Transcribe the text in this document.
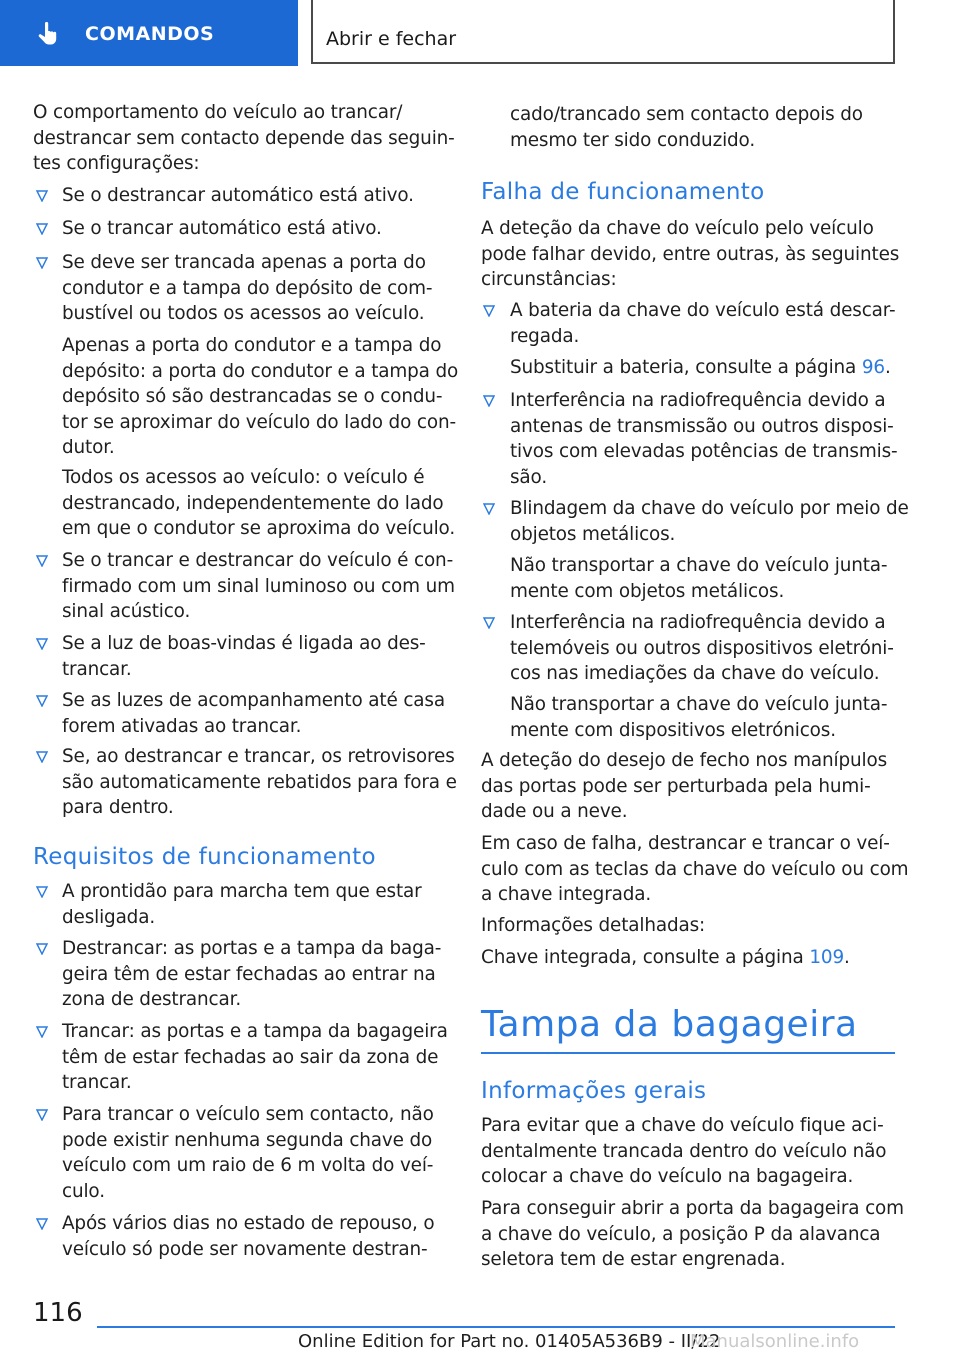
COMANDOS	Abrir e fechar
O comportamento do veículo ao trancar/
destrancar sem contacto depende das seguin-
tes configurações:
Se o destrancar automático está ativo.
Se o trancar automático está ativo.
Se deve ser trancada apenas a porta do
condutor e a tampa do depósito de com-
bustível ou todos os acessos ao veículo.
Apenas a porta do condutor e a tampa do
depósito: a porta do condutor e a tampa do
depósito só são destrancadas se o condu-
tor se aproximar do veículo do lado do con-
dutor.
Todos os acessos ao veículo: o veículo é
destrancado, independentemente do lado
em que o condutor se aproxima do veículo.
Se o trancar e destrancar do veículo é con-
firmado com um sinal luminoso ou com um
sinal acústico.
Se a luz de boas-vindas é ligada ao des-
trancar.
Se as luzes de acompanhamento até casa
forem ativadas ao trancar.
Se, ao destrancar e trancar, os retrovisores
são automaticamente rebatidos para fora e
para dentro.
Requisitos de funcionamento
A prontidão para marcha tem que estar
desligada.
Destrancar: as portas e a tampa da baga-
geira têm de estar fechadas ao entrar na
zona de destrancar.
Trancar: as portas e a tampa da bagageira
têm de estar fechadas ao sair da zona de
trancar.
Para trancar o veículo sem contacto, não
pode existir nenhuma segunda chave do
veículo com um raio de 6 m volta do veí-
culo.
Após vários dias no estado de repouso, o
veículo só pode ser novamente destran-
cado/trancado sem contacto depois do
mesmo ter sido conduzido.
Falha de funcionamento
A deteção da chave do veículo pelo veículo
pode falhar devido, entre outras, às seguintes
circunstâncias:
A bateria da chave do veículo está descar-
regada.
Substituir a bateria, consulte a página 96.
Interferência na radiofrequência devido a
antenas de transmissão ou outros disposi-
tivos com elevadas potências de transmis-
são.
Blindagem da chave do veículo por meio de
objetos metálicos.
Não transportar a chave do veículo junta-
mente com objetos metálicos.
Interferência na radiofrequência devido a
telemóveis ou outros dispositivos eletróni-
cos nas imediações da chave do veículo.
Não transportar a chave do veículo junta-
mente com dispositivos eletrónicos.
A deteção do desejo de fecho nos manípulos
das portas pode ser perturbada pela humi-
dade ou a neve.
Em caso de falha, destrancar e trancar o veí-
culo com as teclas da chave do veículo ou com
a chave integrada.
Informações detalhadas:
Chave integrada, consulte a página 109.
Tampa da bagageira
Informações gerais
Para evitar que a chave do veículo fique aci-
dentalmente trancada dentro do veículo não
colocar a chave do veículo na bagageira.
Para conseguir abrir a porta da bagageira com
a chave do veículo, a posição P da alavanca
seletora tem de estar engrenada.
116
Online Edition for Part no. 01405A536B9 - II/22
Manualsonline.info
